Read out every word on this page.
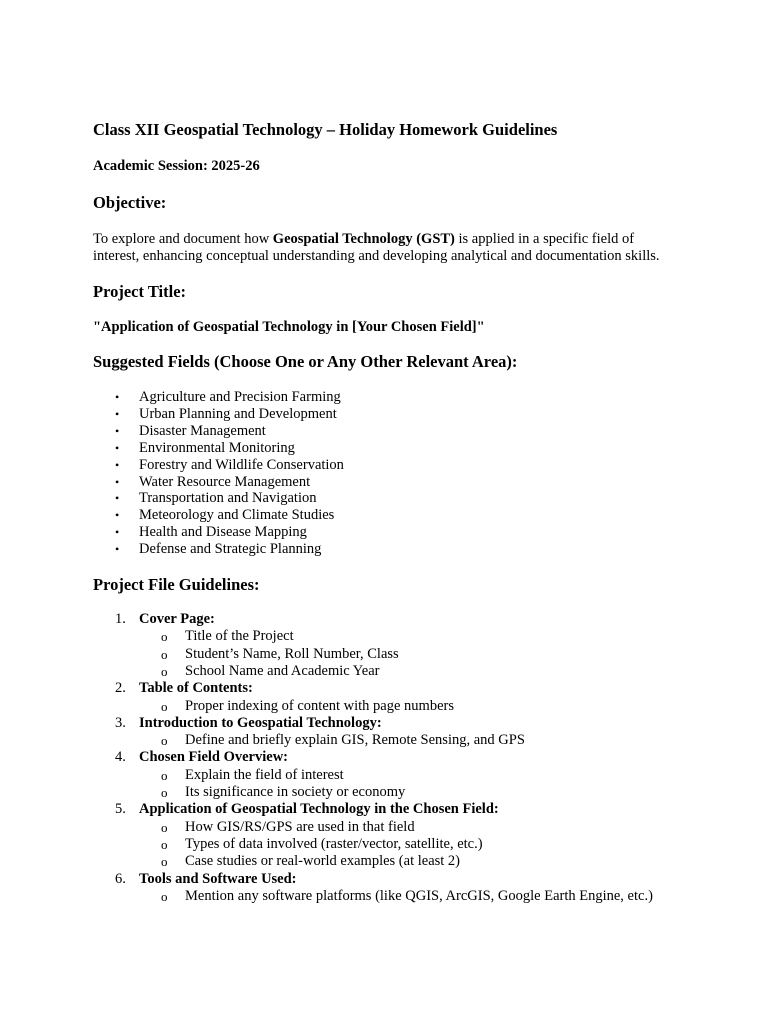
Class XII Geospatial Technology – Holiday Homework Guidelines

Academic Session: 2025-26

Objective:

To explore and document how Geospatial Technology (GST) is applied in a specific field of interest, enhancing conceptual understanding and developing analytical and documentation skills.

Project Title:

"Application of Geospatial Technology in [Your Chosen Field]"

Suggested Fields (Choose One or Any Other Relevant Area):
• Agriculture and Precision Farming
• Urban Planning and Development
• Disaster Management
• Environmental Monitoring
• Forestry and Wildlife Conservation
• Water Resource Management
• Transportation and Navigation
• Meteorology and Climate Studies
• Health and Disease Mapping
• Defense and Strategic Planning
Project File Guidelines:
1. Cover Page:
o Title of the Project
o Student’s Name, Roll Number, Class
o School Name and Academic Year
2. Table of Contents:
o Proper indexing of content with page numbers
3. Introduction to Geospatial Technology:
o Define and briefly explain GIS, Remote Sensing, and GPS
4. Chosen Field Overview:
o Explain the field of interest
o Its significance in society or economy
5. Application of Geospatial Technology in the Chosen Field:
o How GIS/RS/GPS are used in that field
o Types of data involved (raster/vector, satellite, etc.)
o Case studies or real-world examples (at least 2)
6. Tools and Software Used:
o Mention any software platforms (like QGIS, ArcGIS, Google Earth Engine, etc.)
